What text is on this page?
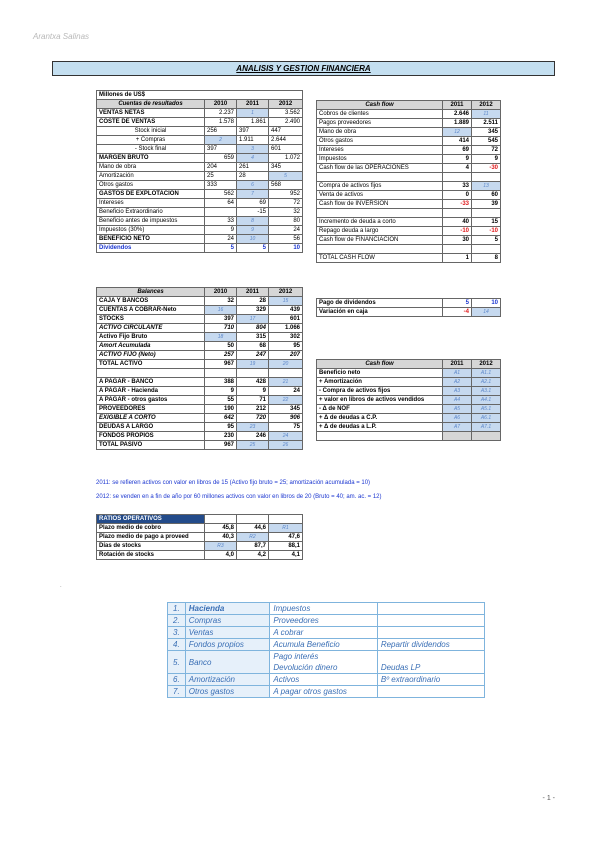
Arantxa Salinas
ANALISIS Y GESTION FINANCIERA
Millones de US$			
Cuentas de resultados	2010	2011	2012
VENTAS NETAS	2.237	1	3.562
COSTE DE VENTAS	1.578	1.861	2.490
Stock inicial	256	397	447
+ Compras	2	1.911	2.644
- Stock final	397	3	601
MARGEN BRUTO	659	4	1.072
Mano de obra	204	261	345
Amortización	25	28	5
Otros gastos	333	6	568
GASTOS DE EXPLOTACION	562	7	952
Intereses	64	69	72
Beneficio Extraordinario		-15	32
Beneficio antes de impuestos	33	8	80
Impuestos (30%)	9	9	24
BENEFICIO NETO	24	10	56
Dividendos	5	5	10
Cash flow	2011	2012
Cobros de clientes	2.646	11
Pagos proveedores	1.889	2.511
Mano de obra	12	345
Otros gastos	414	545
Intereses	69	72
Impuestos	9	9
Cash flow de las OPERACIONES	4	-30

Compra de activos fijos	33	13
Venta de activos	0	60
Cash flow de INVERSION	-33	39

Incremento de deuda a corto	40	15
Repago deuda a largo	-10	-10
Cash flow de FINANCIACION	30	5

TOTAL CASH FLOW	1	8
Pago de dividendos	5	10
Variación en caja	-4	14
Balances	2010	2011	2012
CAJA Y BANCOS	32	28	15
CUENTAS A COBRAR-Neto	16	329	439
STOCKS	397	17	601
ACTIVO CIRCULANTE	710	804	1.066
Activo Fijo Bruto	18	315	302
Amort Acumulada	50	68	95
ACTIVO FIJO (Neto)	257	247	207
TOTAL ACTIVO	967	19	20

A PAGAR - BANCO	388	428	21
A PAGAR - Hacienda	9	9	24
A PAGAR - otros gastos	55	71	22
PROVEEDORES	190	212	345
EXIGIBLE A CORTO	642	720	906
DEUDAS A LARGO	95	23	75
FONDOS PROPIOS	230	246	24
TOTAL PASIVO	967	25	26
Cash flow	2011	2012
Beneficio neto	A1	A1.1
+ Amortización	A2	A2.1
- Compra de activos fijos	A3	A3.1
+ valor en libros de activos vendidos	A4	A4.1
- Δ de NOF	A5	A5.1
+ Δ de deudas a C.P.	A6	A6.1
+ Δ de deudas a L.P.	A7	A7.1

2011: se refieren activos con valor en libros de 15 (Activo fijo bruto = 25; amortización acumulada = 10)
2012: se venden en a fin de año por 60 millones activos con valor en libros de 20 (Bruto = 40; am. ac. = 12)
RATIOS OPERATIVOS			
Plazo medio de cobro	45,8	44,6	R1
Plazo medio de pago a proveed	40,3	R2	47,6
Días de stocks	R3	87,7	88,1
Rotación de stocks	4,0	4,2	4,1
.
1.	Hacienda	Impuestos	
2.	Compras	Proveedores	
3.	Ventas	A cobrar	
4.	Fondos propios	Acumula Beneficio	Repartir dividendos
5.	Banco	Pago interés	
		Devolución dinero	Deudas LP
6.	Amortización	Activos	Bº extraordinario
7.	Otros gastos	A pagar otros gastos	
- 1 -
